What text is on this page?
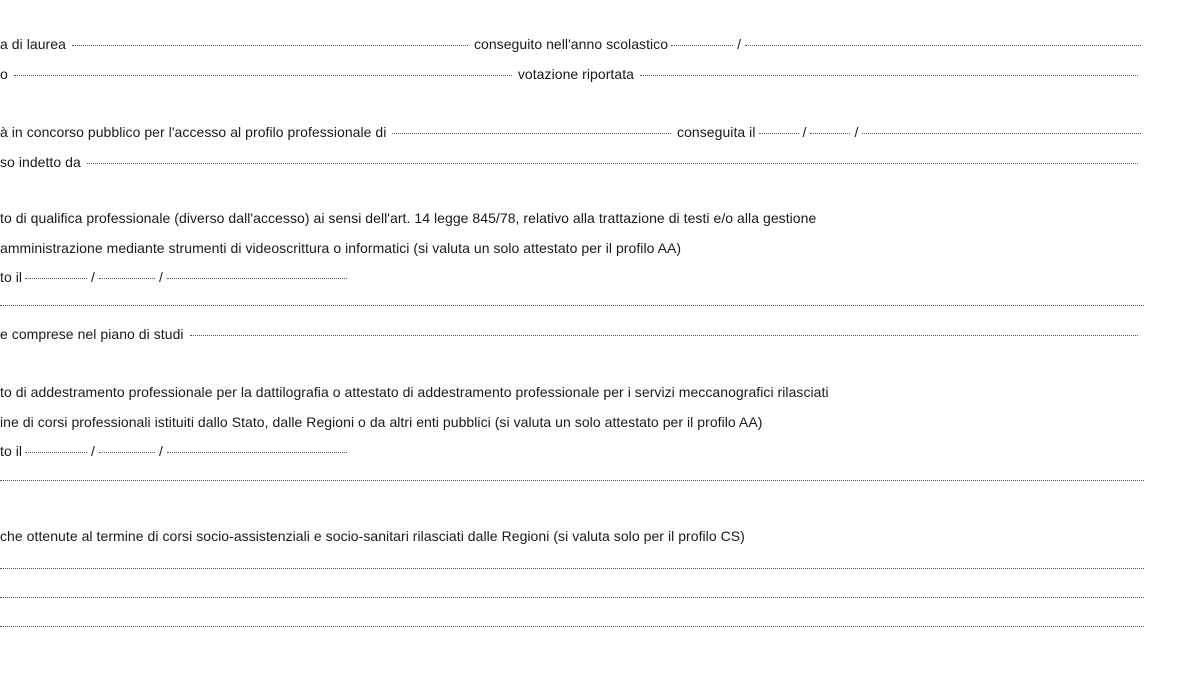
a di laurea	conseguito nell'anno scolastico	/
o	votazione riportata
à in concorso pubblico per l'accesso al profilo professionale di	conseguita il	/	/
so indetto da
to di qualifica professionale (diverso dall'accesso) ai sensi dell'art. 14 legge 845/78, relativo alla trattazione di testi e/o alla gestione
amministrazione mediante strumenti di videoscrittura o informatici (si valuta un solo attestato per il profilo AA)
to il	/	/
e comprese nel piano di studi
to di addestramento professionale per la dattilografia o attestato di addestramento professionale per i servizi meccanografici rilasciati
ine di corsi professionali istituiti dallo Stato, dalle Regioni o da altri enti pubblici (si valuta un solo attestato per il profilo AA)
to il	/	/
che ottenute al termine di corsi socio-assistenziali e socio-sanitari rilasciati dalle Regioni (si valuta solo per il profilo CS)
